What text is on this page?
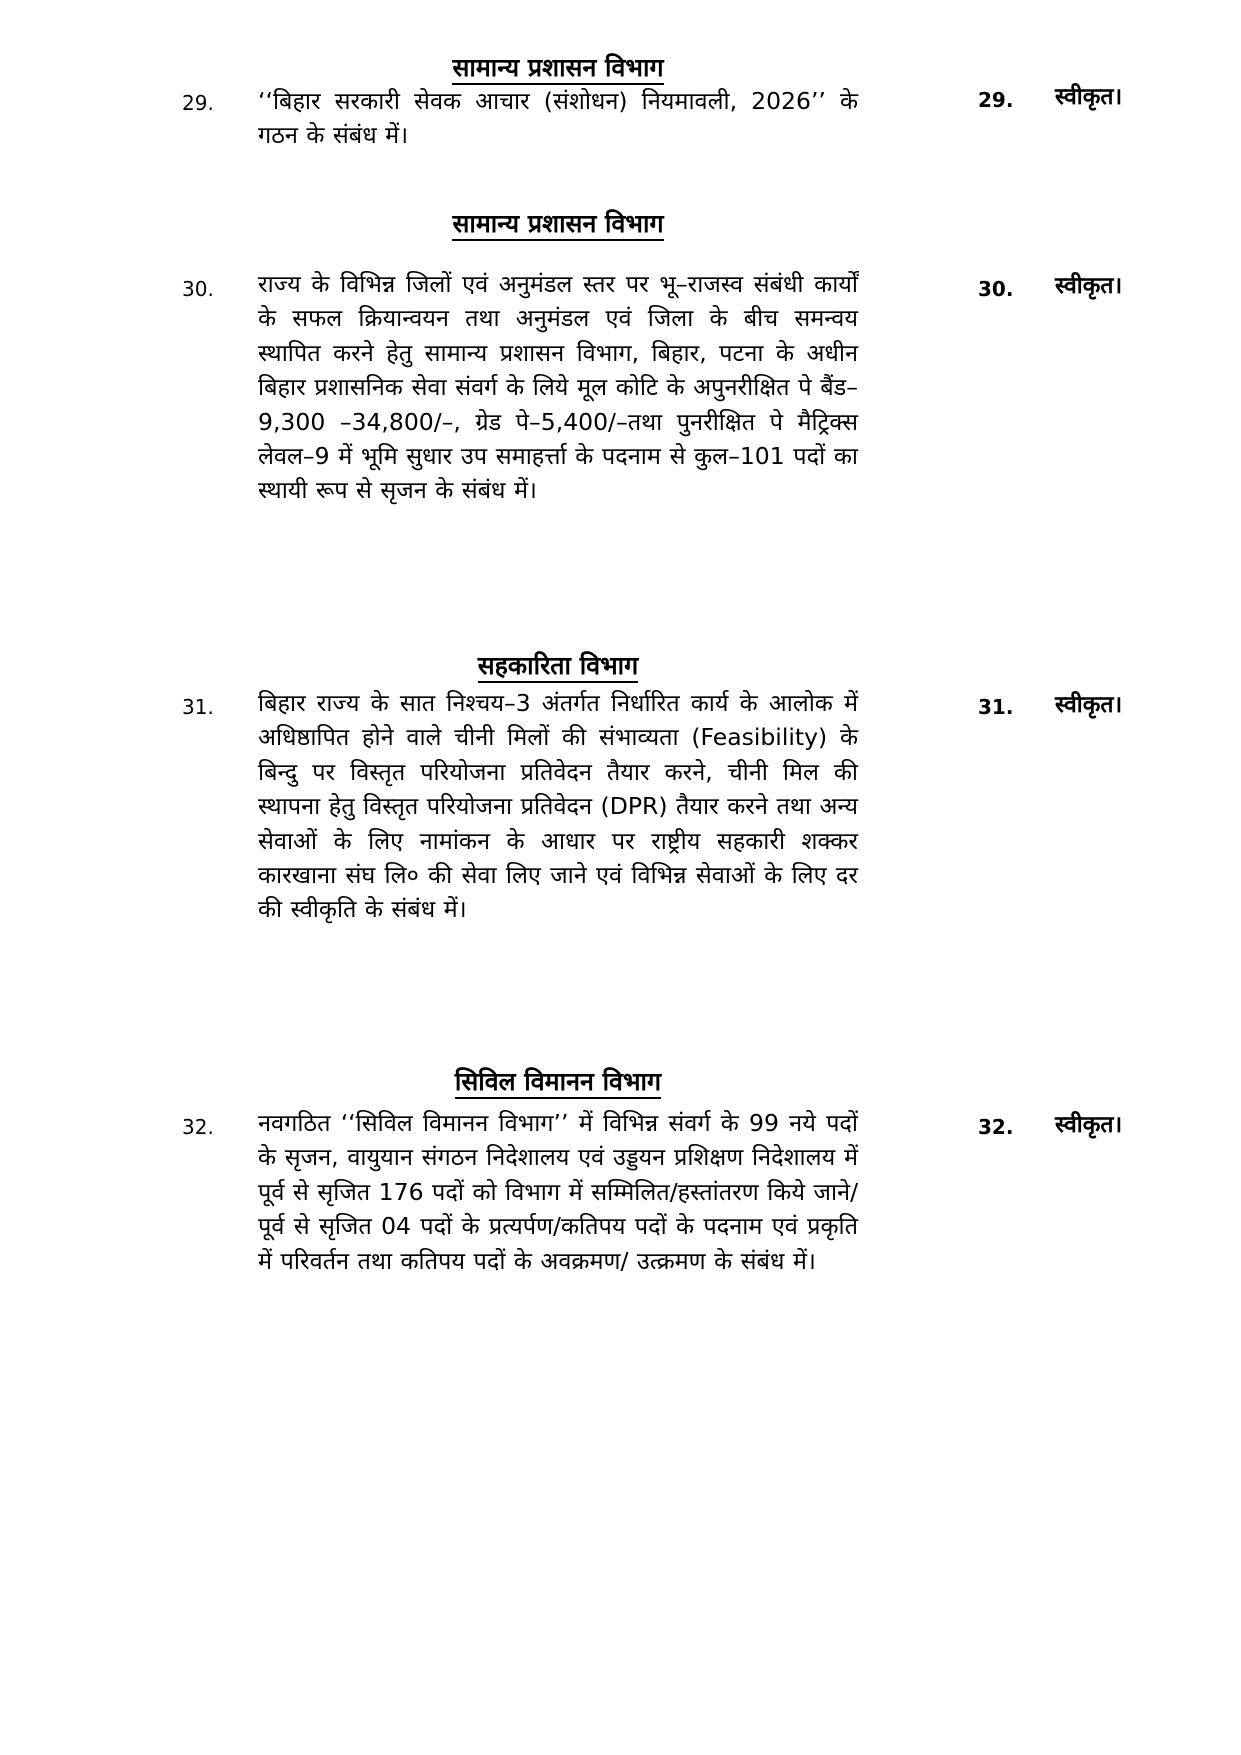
सामान्य प्रशासन विभाग
29. ‘‘बिहार सरकारी सेवक आचार (संशोधन) नियमावली, 2026’’ के गठन के संबंध में।
29. स्वीकृत।
सामान्य प्रशासन विभाग
30. राज्य के विभिन्न जिलों एवं अनुमंडल स्तर पर भू–राजस्व संबंधी कार्यों के सफल क्रियान्वयन तथा अनुमंडल एवं जिला के बीच समन्वय स्थापित करने हेतु सामान्य प्रशासन विभाग, बिहार, पटना के अधीन बिहार प्रशासनिक सेवा संवर्ग के लिये मूल कोटि के अपुनरीक्षित पे बैंड–9,300 –34,800/–, ग्रेड पे–5,400/–तथा पुनरीक्षित पे मैट्रिक्स लेवल–9 में भूमि सुधार उप समाहर्त्ता के पदनाम से कुल–101 पदों का स्थायी रूप से सृजन के संबंध में।
30. स्वीकृत।
सहकारिता विभाग
31. बिहार राज्य के सात निश्चय–3 अंतर्गत निर्धारित कार्य के आलोक में अधिष्ठापित होने वाले चीनी मिलों की संभाव्यता (Feasibility) के बिन्दु पर विस्तृत परियोजना प्रतिवेदन तैयार करने, चीनी मिल की स्थापना हेतु विस्तृत परियोजना प्रतिवेदन (DPR) तैयार करने तथा अन्य सेवाओं के लिए नामांकन के आधार पर राष्ट्रीय सहकारी शक्कर कारखाना संघ लि० की सेवा लिए जाने एवं विभिन्न सेवाओं के लिए दर की स्वीकृति के संबंध में।
31. स्वीकृत।
सिविल विमानन विभाग
32. नवगठित ‘‘सिविल विमानन विभाग’’ में विभिन्न संवर्ग के 99 नये पदों के सृजन, वायुयान संगठन निदेशालय एवं उड्डयन प्रशिक्षण निदेशालय में पूर्व से सृजित 176 पदों को विभाग में सम्मिलित/हस्तांतरण किये जाने/पूर्व से सृजित 04 पदों के प्रत्यर्पण/कतिपय पदों के पदनाम एवं प्रकृति में परिवर्तन तथा कतिपय पदों के अवक्रमण/ उत्क्रमण के संबंध में।
32. स्वीकृत।
